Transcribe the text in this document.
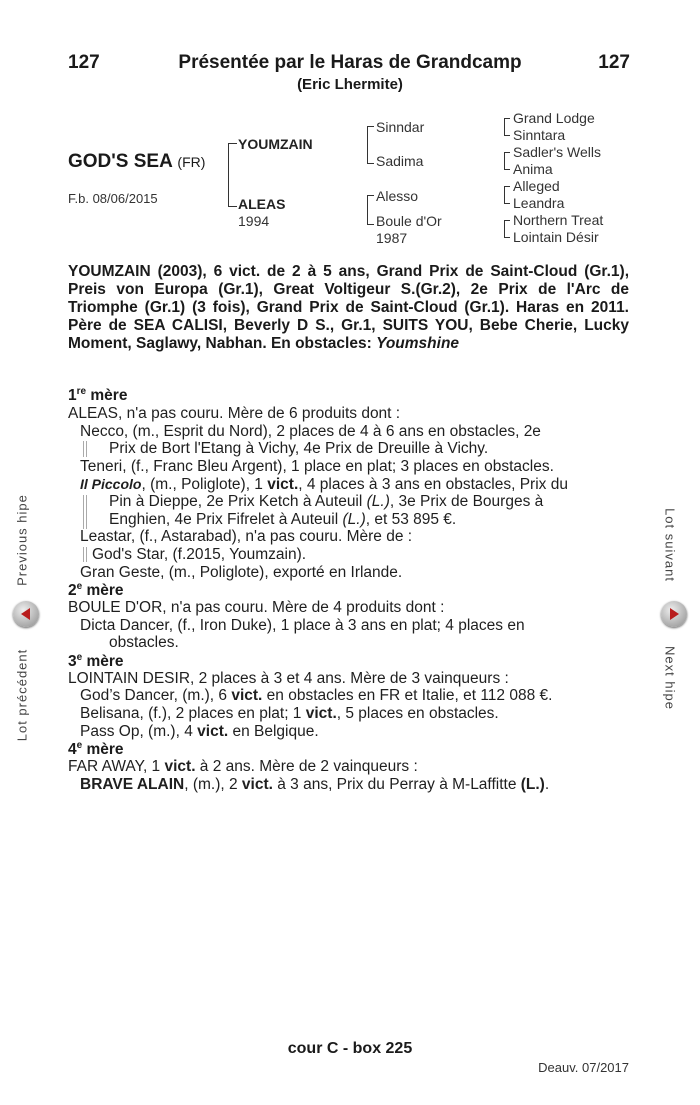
127	Présentée par le Haras de Grandcamp	127
(Eric Lhermite)
GOD'S SEA (FR)
F.b. 08/06/2015
YOUMZAIN
ALEAS
1994
Sinndar
Sadima
Alesso
Boule d'Or
1987
Grand Lodge
Sinntara
Sadler's Wells
Anima
Alleged
Leandra
Northern Treat
Lointain Désir
YOUMZAIN (2003), 6 vict. de 2 à 5 ans, Grand Prix de Saint-Cloud (Gr.1), Preis von Europa (Gr.1), Great Voltigeur S.(Gr.2), 2e Prix de l'Arc de Triomphe (Gr.1) (3 fois), Grand Prix de Saint-Cloud (Gr.1). Haras en 2011. Père de SEA CALISI, Beverly D S., Gr.1, SUITS YOU, Bebe Cherie, Lucky Moment, Saglawy, Nabhan. En obstacles: Youmshine
1re mère
ALEAS, n'a pas couru. Mère de 6 produits dont :
Necco, (m., Esprit du Nord), 2 places de 4 à 6 ans en obstacles, 2e
Prix de Bort l'Etang à Vichy, 4e Prix de Dreuille à Vichy.
Teneri, (f., Franc Bleu Argent), 1 place en plat; 3 places en obstacles.
Il Piccolo, (m., Poliglote), 1 vict., 4 places à 3 ans en obstacles, Prix du
Pin à Dieppe, 2e Prix Ketch à Auteuil (L.), 3e Prix de Bourges à
Enghien, 4e Prix Fifrelet à Auteuil (L.), et 53 895 €.
Leastar, (f., Astarabad), n'a pas couru. Mère de :
God's Star, (f.2015, Youmzain).
Gran Geste, (m., Poliglote), exporté en Irlande.
2e mère
BOULE D'OR, n'a pas couru. Mère de 4 produits dont :
Dicta Dancer, (f., Iron Duke), 1 place à 3 ans en plat; 4 places en
obstacles.
3e mère
LOINTAIN DESIR, 2 places à 3 et 4 ans. Mère de 3 vainqueurs :
God’s Dancer, (m.), 6 vict. en obstacles en FR et Italie, et 112 088 €.
Belisana, (f.), 2 places en plat; 1 vict., 5 places en obstacles.
Pass Op, (m.), 4 vict. en Belgique.
4e mère
FAR AWAY, 1 vict. à 2 ans. Mère de 2 vainqueurs :
BRAVE ALAIN, (m.), 2 vict. à 3 ans, Prix du Perray à M-Laffitte (L.).
Previous hipe
Lot précédent
Lot suivant
Next hipe
cour C - box 225
Deauv. 07/2017
